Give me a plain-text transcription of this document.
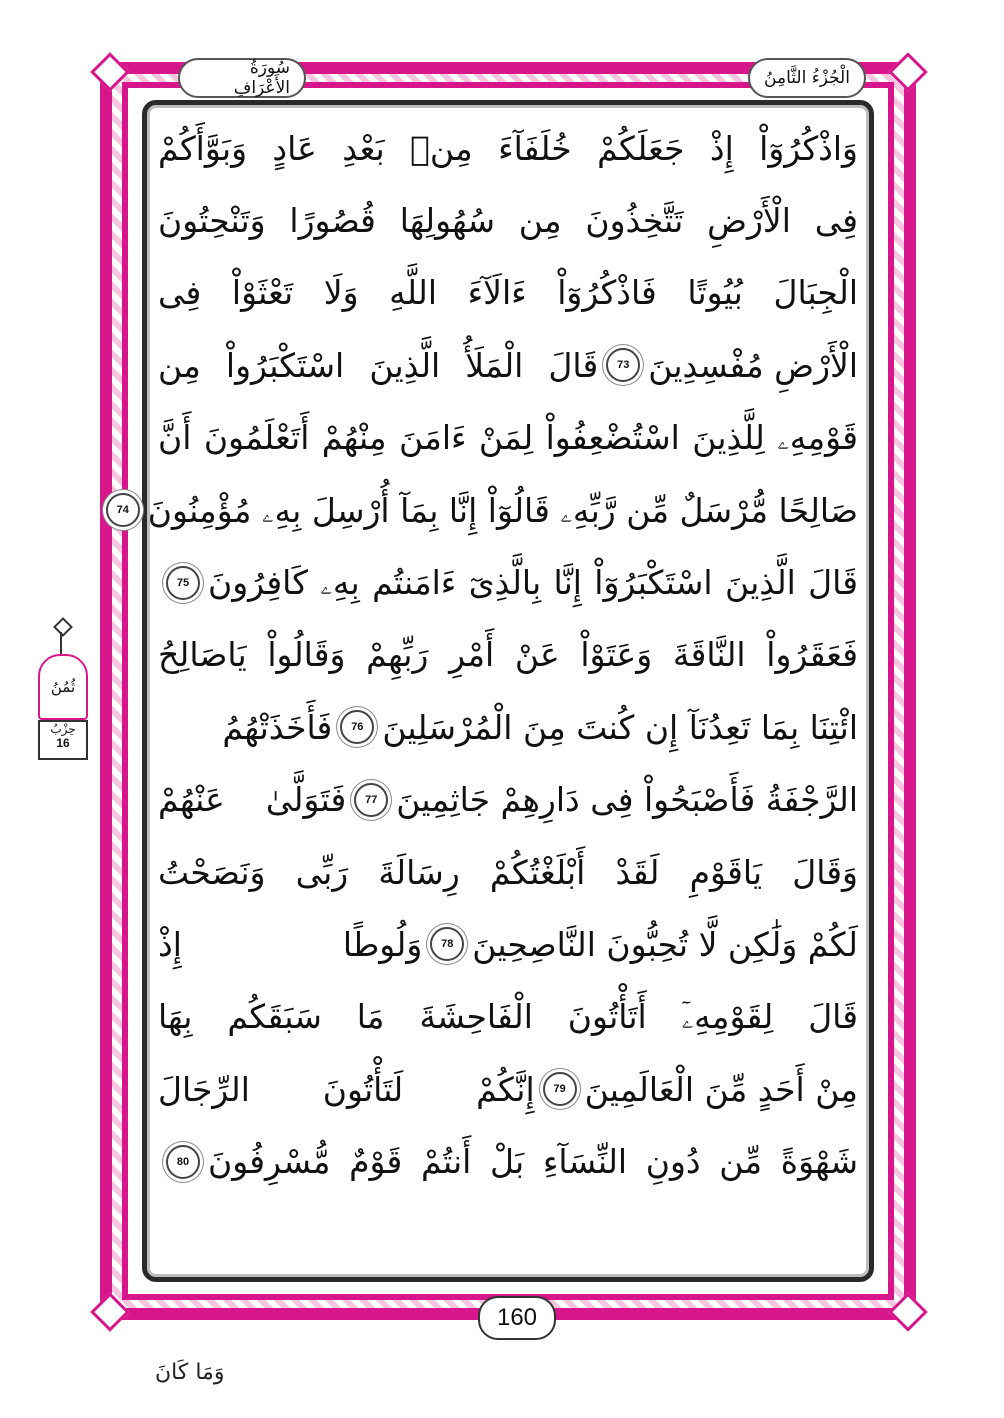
سُورَةُ الأَعْرَافِ	الْجُزْءُ الثَّامِنُ
وَاذْكُرُوٓاْ إِذْ جَعَلَكُمْ خُلَفَآءَ مِنۢ بَعْدِ عَادٍ وَبَوَّأَكُمْ
فِى الْأَرْضِ تَتَّخِذُونَ مِن سُهُولِهَا قُصُورًا وَتَنْحِتُونَ
الْجِبَالَ بُيُوتًا فَاذْكُرُوٓاْ ءَالَآءَ اللَّهِ وَلَا تَعْثَوْاْ فِى
الْأَرْضِ مُفْسِدِينَ
73
قَالَ الْمَلَأُ الَّذِينَ اسْتَكْبَرُواْ مِن
قَوْمِهِۦ لِلَّذِينَ اسْتُضْعِفُواْ لِمَنْ ءَامَنَ مِنْهُمْ أَتَعْلَمُونَ أَنَّ
صَالِحًا مُّرْسَلٌ مِّن رَّبِّهِۦ قَالُوٓاْ إِنَّا بِمَآ أُرْسِلَ بِهِۦ مُؤْمِنُونَ
74
قَالَ الَّذِينَ اسْتَكْبَرُوٓاْ إِنَّا بِالَّذِىٓ ءَامَنتُم بِهِۦ كَافِرُونَ
75
فَعَقَرُواْ النَّاقَةَ وَعَتَوْاْ عَنْ أَمْرِ رَبِّهِمْ وَقَالُواْ يَاصَالِحُ
ائْتِنَا بِمَا تَعِدُنَآ إِن كُنتَ مِنَ الْمُرْسَلِينَ
76
فَأَخَذَتْهُمُ
الرَّجْفَةُ فَأَصْبَحُواْ فِى دَارِهِمْ جَاثِمِينَ
77
فَتَوَلَّىٰ عَنْهُمْ
وَقَالَ يَاقَوْمِ لَقَدْ أَبْلَغْتُكُمْ رِسَالَةَ رَبِّى وَنَصَحْتُ
لَكُمْ وَلَٰكِن لَّا تُحِبُّونَ النَّاصِحِينَ
78
وَلُوطًا إِذْ
قَالَ لِقَوْمِهِۦٓ أَتَأْتُونَ الْفَاحِشَةَ مَا سَبَقَكُم بِهَا
مِنْ أَحَدٍ مِّنَ الْعَالَمِينَ
79
إِنَّكُمْ لَتَأْتُونَ الرِّجَالَ
شَهْوَةً مِّن دُونِ النِّسَآءِ بَلْ أَنتُمْ قَوْمٌ مُّسْرِفُونَ
80
160
وَمَا كَانَ
ثُمُنُ
حِزْبُ
16
